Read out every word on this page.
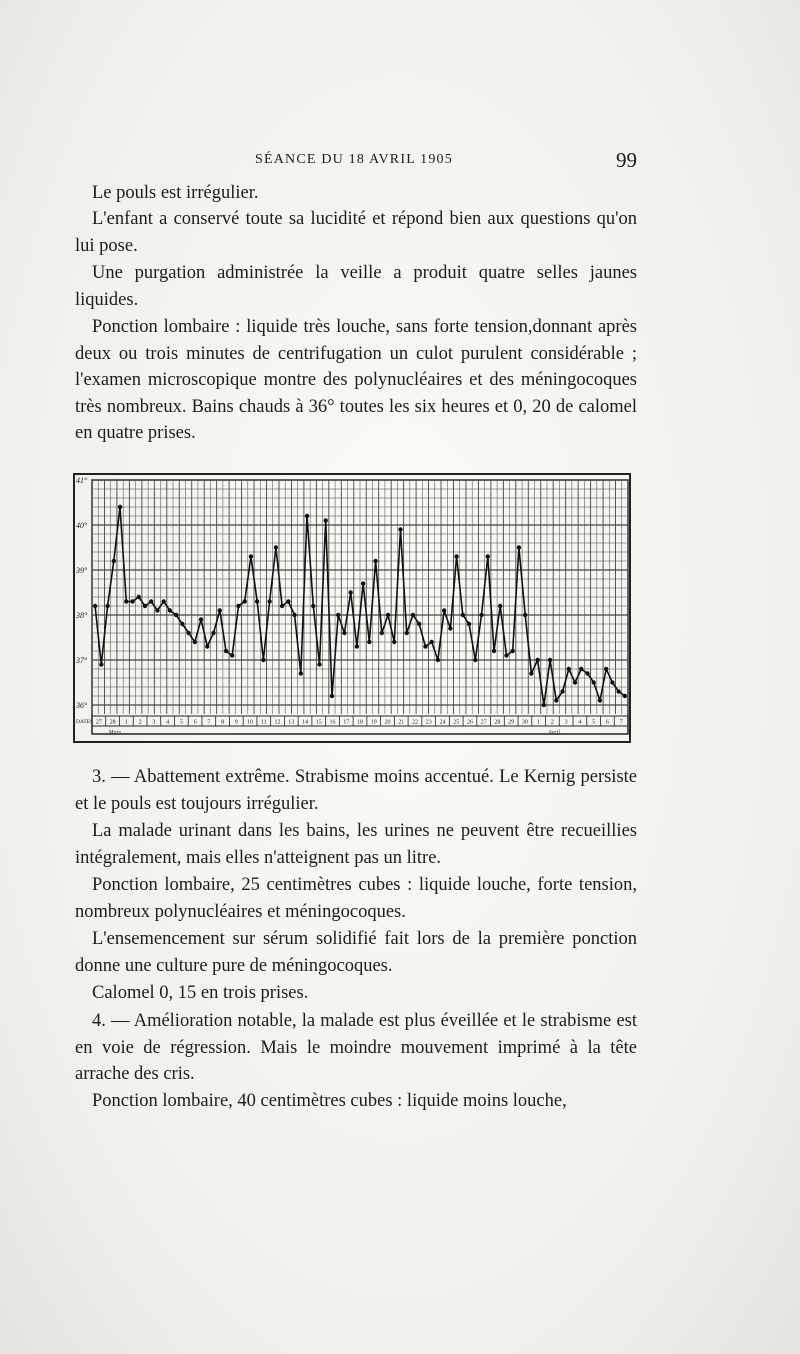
SÉANCE DU 18 AVRIL 1905	99

Le pouls est irrégulier.

L'enfant a conservé toute sa lucidité et répond bien aux questions qu'on lui pose.

Une purgation administrée la veille a produit quatre selles jaunes liquides.

Ponction lombaire : liquide très louche, sans forte tension,donnant après deux ou trois minutes de centrifugation un culot purulent considérable ; l'examen microscopique montre des polynucléaires et des méningocoques très nombreux. Bains chauds à 36° toutes les six heures et 0, 20 de calomel en quatre prises.

41°
40°
39°
38°
37°
36°
DATES 27 28 1 2 3 4 5 6 7 8 9 10 11 12 13 14 15 16 17 18 19 20 21 22 23 24 25 26 27 28 29 30 1 2 3 4 5 6 7
Mars	Avril

3. — Abattement extrême. Strabisme moins accentué. Le Kernig persiste et le pouls est toujours irrégulier.

La malade urinant dans les bains, les urines ne peuvent être recueillies intégralement, mais elles n'atteignent pas un litre.

Ponction lombaire, 25 centimètres cubes : liquide louche, forte tension, nombreux polynucléaires et méningocoques.

L'ensemencement sur sérum solidifié fait lors de la première ponction donne une culture pure de méningocoques.

Calomel 0, 15 en trois prises.

4. — Amélioration notable, la malade est plus éveillée et le strabisme est en voie de régression. Mais le moindre mouvement imprimé à la tête arrache des cris.

Ponction lombaire, 40 centimètres cubes : liquide moins louche,
